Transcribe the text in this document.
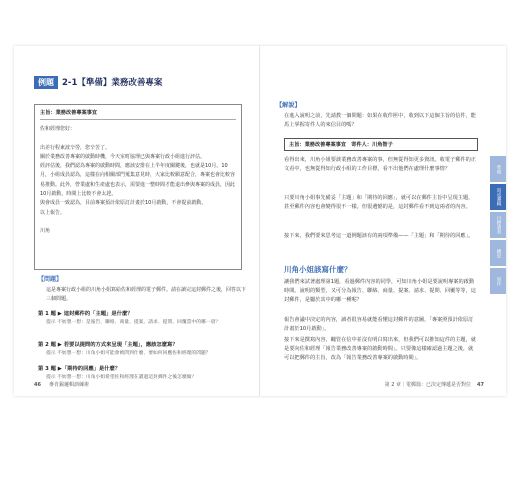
例題 2-1【準備】業務改善專案
主旨：業務改善專案事宜

佐和經理您好：

出差行程東波辛勞，您辛苦了。

關於業務改善專案的啟動時機，今天室町協理已與專案行政小組進行評估。

經評估後，我們認為專案的啟動時間，應該安排在上半年度關鍵後，也就是10月。10月，小組成員認為，這樣在向相關部門蒐集意見時，大家比較願意配合，專案也會比較容易推動。此外，營業處和生產處也表示，需要進一整時間才能退出參與專案的成員，因此10月啟動，時間上比較不會太趕。

與會成員一致認為，目前專案預計依原訂計畫於10月啟動，不會提前啟動。

以上報告。

川角

【問題】
這是專案行政小組的川角小姐寫給佐和經理的電子郵件。請在讀完這封郵件之後，回答以下三個問題。
第 1 題 ▶ 這封郵件的「主題」是什麼？
提示 不妨想一想：是報告、聯絡、商量、提案、請求、提問、回覆當中的哪一項？
第 2 題 ▶ 若要以提問的方式來呈現「主題」，應該怎麼寫？
提示 不妨想一想：川角小姐可能會被問到什麼、要如何回應佐和經理的問題？
第 3 題 ▶「期待的回應」是什麼？
提示 不妨想一想：川角小姐希望佐和經理在讀過這封郵件之後怎麼做？
46 麥肯錫邏輯訓練術
【解說】
在進入說明之前，先請教一個問題：如果在收件匣中，收到以下這個主旨的信件，能馬上掌握寄件人的來信目的嗎？
主旨：業務改善專案事宜　寄件人：川角智子
看得出來，川角小姐要談業務改善專案的事，但無從得知更多資訊。收電子郵件的正文看中，也無從得知行政小組的工作目標，看不出他們在處理什麼事情？
只要川角小姐事先備妥「主題」和「期待的回應」，就可以在郵件主旨中呈現主題，甚至郵件內容也會變得很不一樣。但很遺憾的是，這封郵件看不到這兩者的內容。
接下來，我們要來思考這一道例題該有的兩項準備——「主題」和「期待的回應」。
川角小姐該寫什麼？
讓我們來試著處理第1題，看過郵件內容的同學，可知川角小姐是要說明專案的啟動時間。說明的類型，又可分為報告、聯絡、商量、提案、請求、提問、回覆等等，這封郵件，是屬於其中的哪一種呢？
報告會議中決定的內容，讀者很容易就能看懂這封郵件的意圖，「專案照預計依原訂計畫於10月啟動」。
接下來是撰寫內容，纏管在信中並沒有明白寫出來，但我們可以推知這件的主題，就是要向佐和經理「報告業務改善專案的啟動時間」。只要像這樣確認過主題之後，就可以把郵件的主旨，改為「報告業務改善專案的啟動時間」。
準備
寫成邏輯
目標讀者
構思
寫作
第 2 章｜電郵篇：已決定傳遞是否對位 47
